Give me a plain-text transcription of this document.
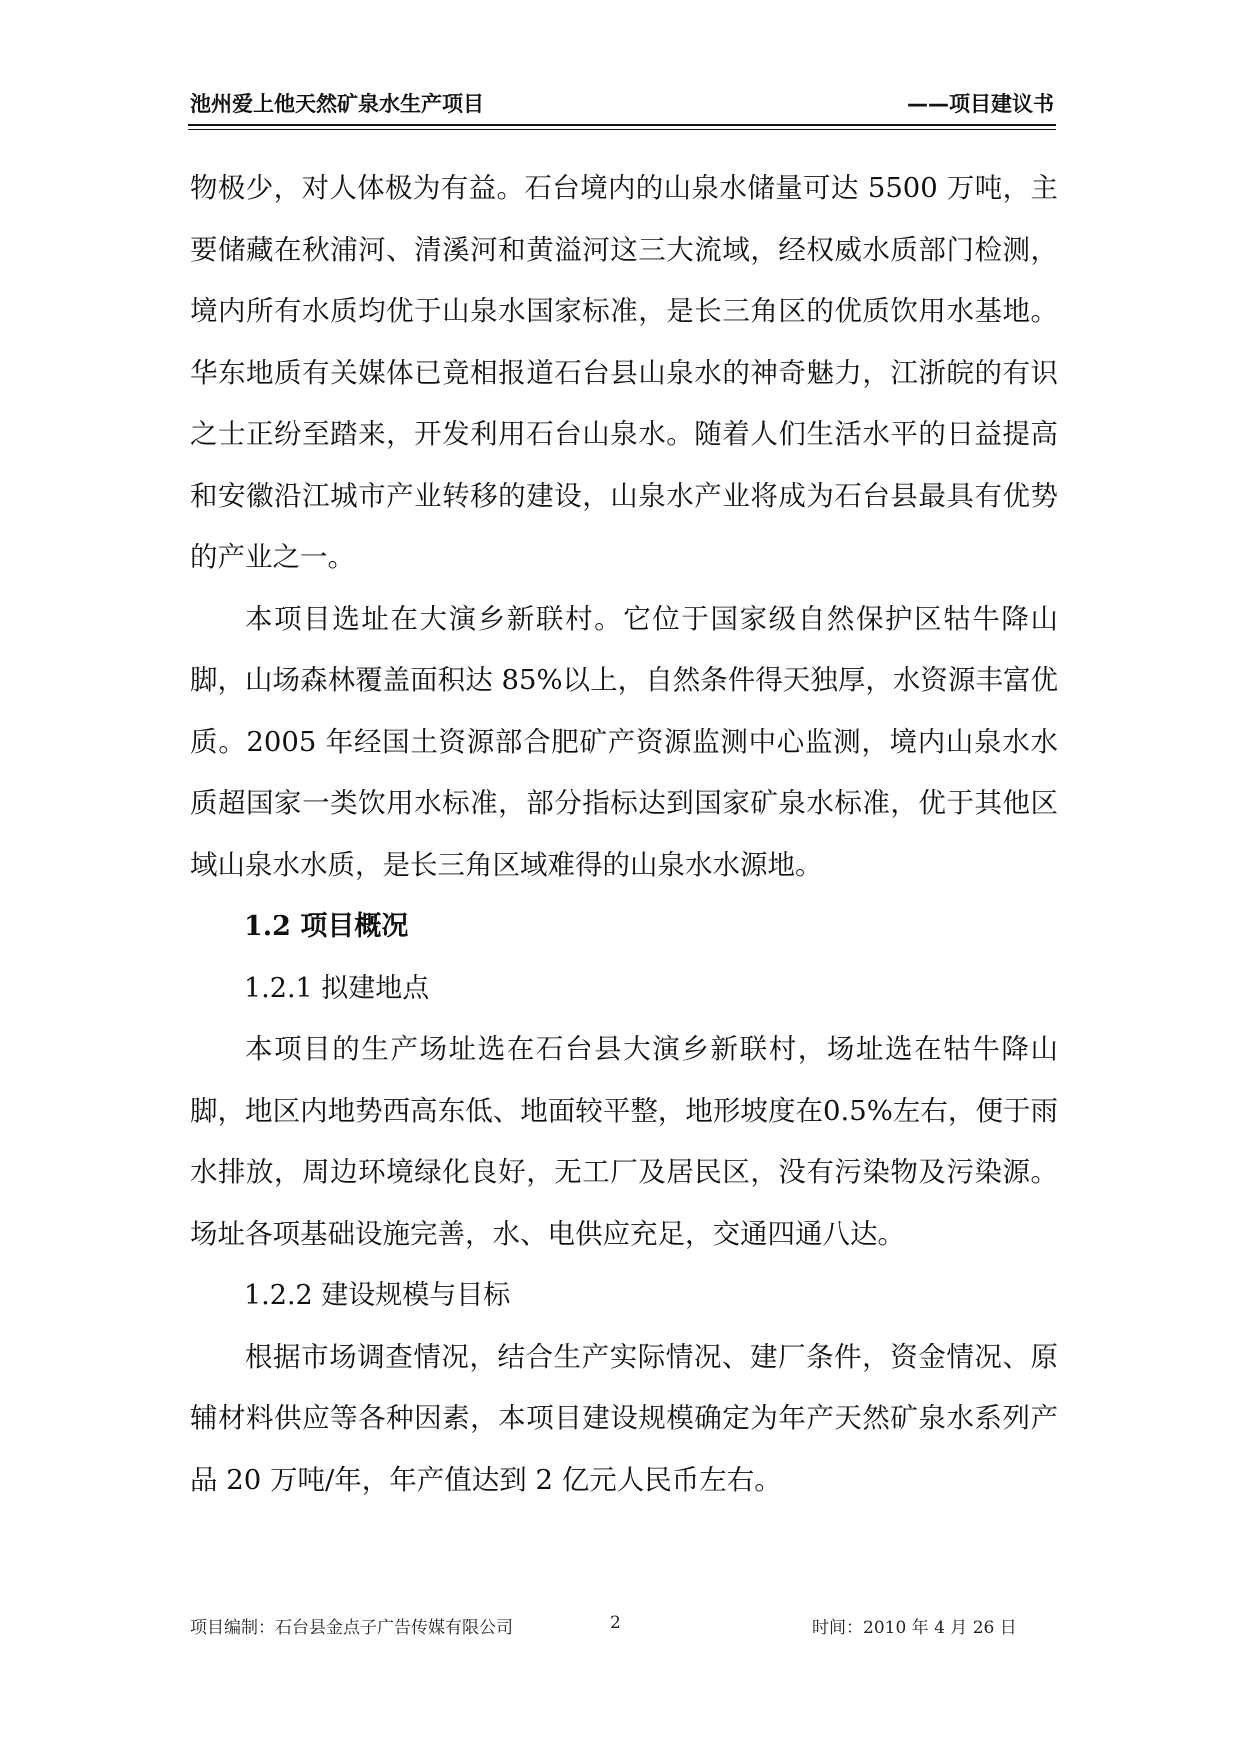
池州爱上他天然矿泉水生产项目	——项目建议书

物极少，对人体极为有益。石台境内的山泉水储量可达 5500 万吨，主要储藏在秋浦河、清溪河和黄溢河这三大流域，经权威水质部门检测，境内所有水质均优于山泉水国家标准，是长三角区的优质饮用水基地。华东地质有关媒体已竟相报道石台县山泉水的神奇魅力，江浙皖的有识之士正纷至踏来，开发利用石台山泉水。随着人们生活水平的日益提高和安徽沿江城市产业转移的建设，山泉水产业将成为石台县最具有优势的产业之一。

本项目选址在大演乡新联村。它位于国家级自然保护区牯牛降山脚，山场森林覆盖面积达 85%以上，自然条件得天独厚，水资源丰富优质。2005 年经国土资源部合肥矿产资源监测中心监测，境内山泉水水质超国家一类饮用水标准，部分指标达到国家矿泉水标准，优于其他区域山泉水水质，是长三角区域难得的山泉水水源地。

1.2 项目概况

1.2.1 拟建地点

本项目的生产场址选在石台县大演乡新联村，场址选在牯牛降山脚，地区内地势西高东低、地面较平整，地形坡度在0.5%左右，便于雨水排放，周边环境绿化良好，无工厂及居民区，没有污染物及污染源。场址各项基础设施完善，水、电供应充足，交通四通八达。

1.2.2 建设规模与目标

根据市场调查情况，结合生产实际情况、建厂条件，资金情况、原辅材料供应等各种因素，本项目建设规模确定为年产天然矿泉水系列产品 20 万吨/年，年产值达到 2 亿元人民币左右。

项目编制：石台县金点子广告传媒有限公司	2	时间：2010 年 4 月 26 日
